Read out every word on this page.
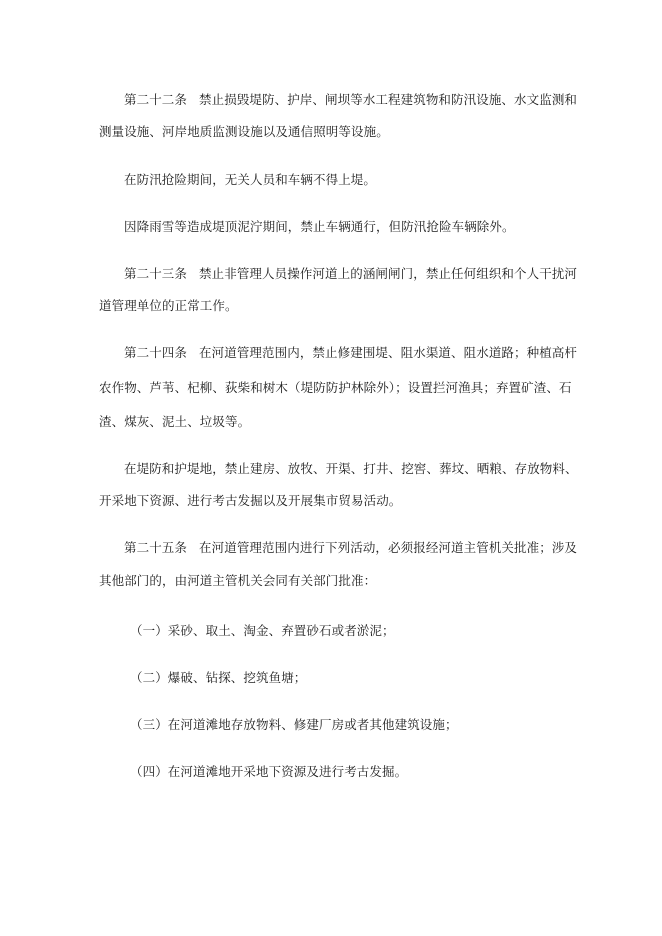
第二十二条 禁止损毁堤防、护岸、闸坝等水工程建筑物和防汛设施、水文监测和
测量设施、河岸地质监测设施以及通信照明等设施。
在防汛抢险期间，无关人员和车辆不得上堤。
因降雨雪等造成堤顶泥泞期间，禁止车辆通行，但防汛抢险车辆除外。
第二十三条 禁止非管理人员操作河道上的涵闸闸门，禁止任何组织和个人干扰河
道管理单位的正常工作。
第二十四条 在河道管理范围内，禁止修建围堤、阻水渠道、阻水道路；种植高杆
农作物、芦苇、杞柳、荻柴和树木（堤防防护林除外）；设置拦河渔具；弃置矿渣、石
渣、煤灰、泥土、垃圾等。
在堤防和护堤地，禁止建房、放牧、开渠、打井、挖窖、葬坟、晒粮、存放物料、
开采地下资源、进行考古发掘以及开展集市贸易活动。
第二十五条 在河道管理范围内进行下列活动，必须报经河道主管机关批准；涉及
其他部门的，由河道主管机关会同有关部门批准：
（一）采砂、取土、淘金、弃置砂石或者淤泥；
（二）爆破、钻探、挖筑鱼塘；
（三）在河道滩地存放物料、修建厂房或者其他建筑设施；
（四）在河道滩地开采地下资源及进行考古发掘。
